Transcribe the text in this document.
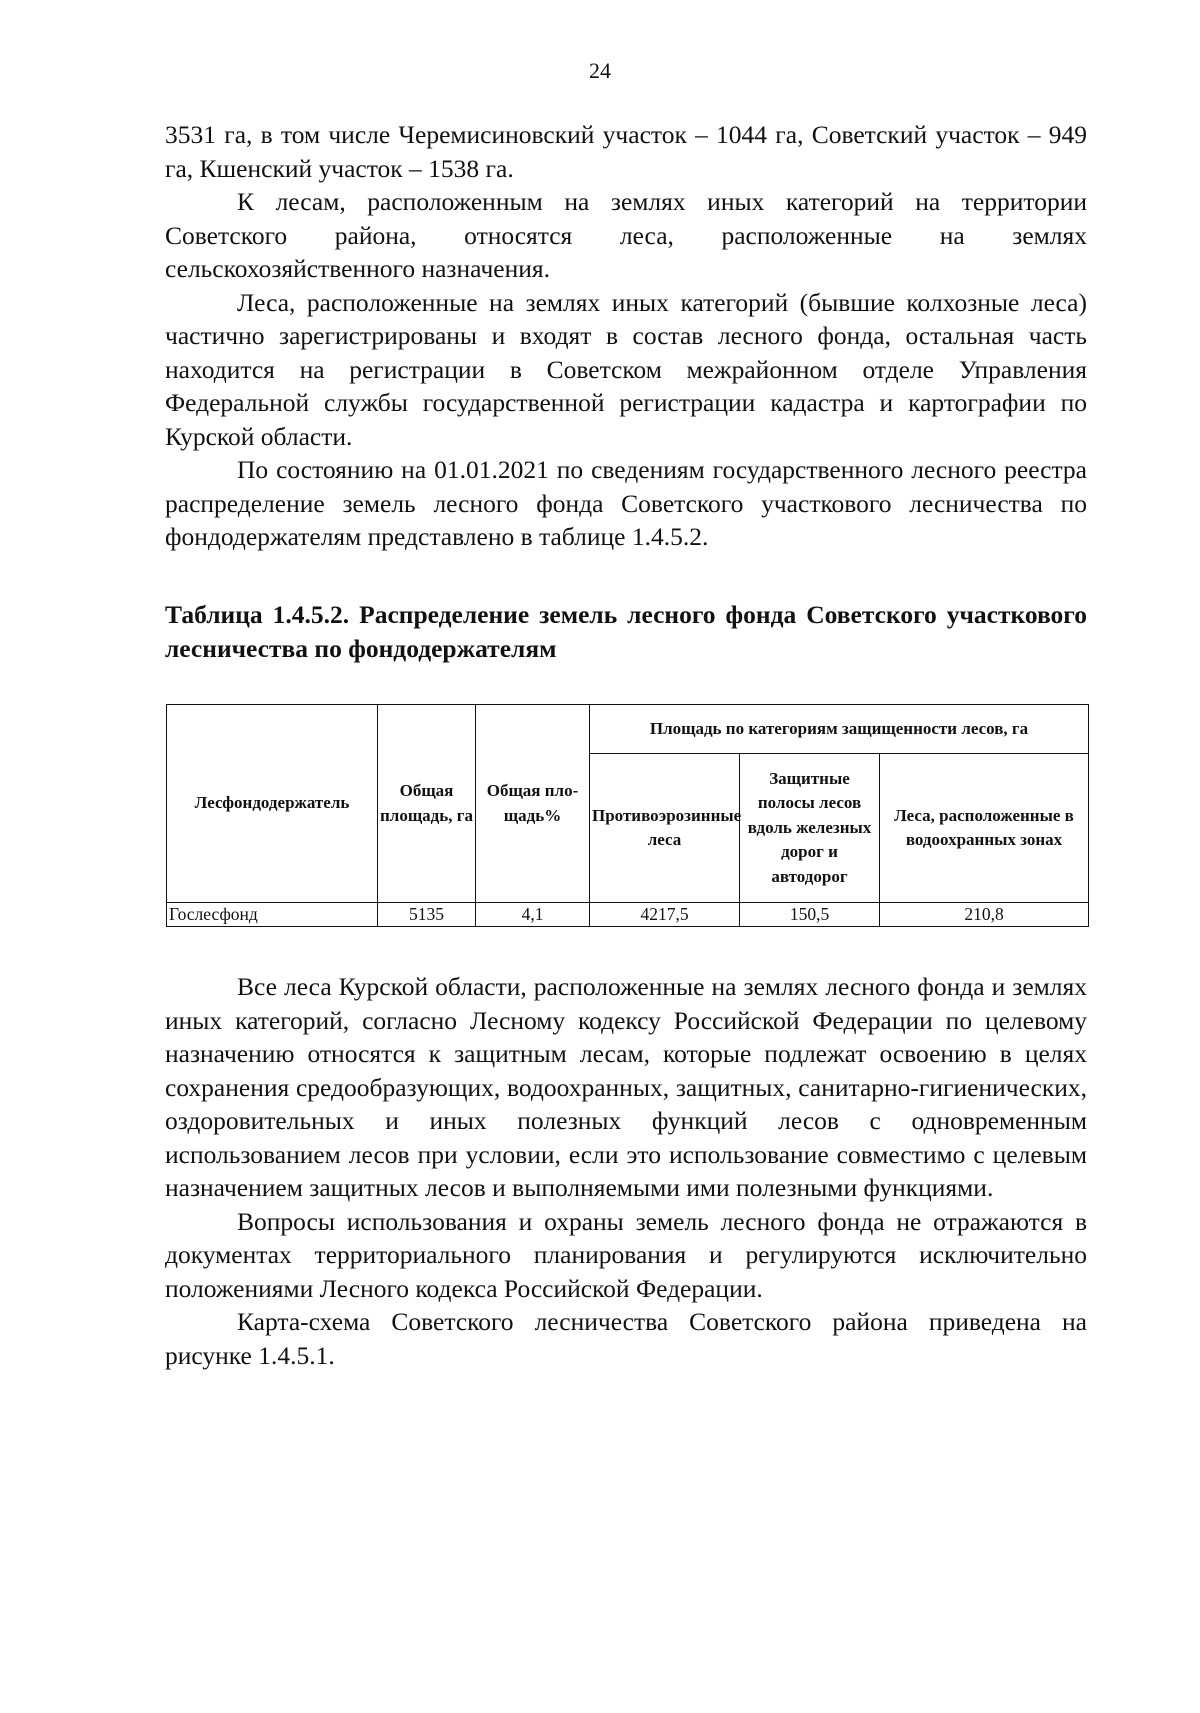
24

3531 га, в том числе Черемисиновский участок – 1044 га, Советский участок – 949 га, Кшенский участок – 1538 га.

К лесам, расположенным на землях иных категорий на территории Советского района, относятся леса, расположенные на землях сельскохозяйственного назначения.

Леса, расположенные на землях иных категорий (бывшие колхозные леса) частично зарегистрированы и входят в состав лесного фонда, остальная часть находится на регистрации в Советском межрайонном отделе Управления Федеральной службы государственной регистрации кадастра и картографии по Курской области.

По состоянию на 01.01.2021 по сведениям государственного лесного реестра распределение земель лесного фонда Советского участкового лесничества по фондодержателям представлено в таблице 1.4.5.2.

Таблица 1.4.5.2. Распределение земель лесного фонда Советского участкового лесничества по фондодержателям

Лесфондодержатель	Общая площадь, га	Общая пло-щадь%	Площадь по категориям защищенности лесов, га		
			Противоэрозинные леса	Защитные полосы лесов вдоль железных дорог и автодорог	Леса, расположенные в водоохранных зонах
Гослесфонд	5135	4,1	4217,5	150,5	210,8

Все леса Курской области, расположенные на землях лесного фонда и землях иных категорий, согласно Лесному кодексу Российской Федерации по целевому назначению относятся к защитным лесам, которые подлежат освоению в целях сохранения средообразующих, водоохранных, защитных, санитарно-гигиенических, оздоровительных и иных полезных функций лесов с одновременным использованием лесов при условии, если это использование совместимо с целевым назначением защитных лесов и выполняемыми ими полезными функциями.

Вопросы использования и охраны земель лесного фонда не отражаются в документах территориального планирования и регулируются исключительно положениями Лесного кодекса Российской Федерации.

Карта-схема Советского лесничества Советского района приведена на рисунке 1.4.5.1.
